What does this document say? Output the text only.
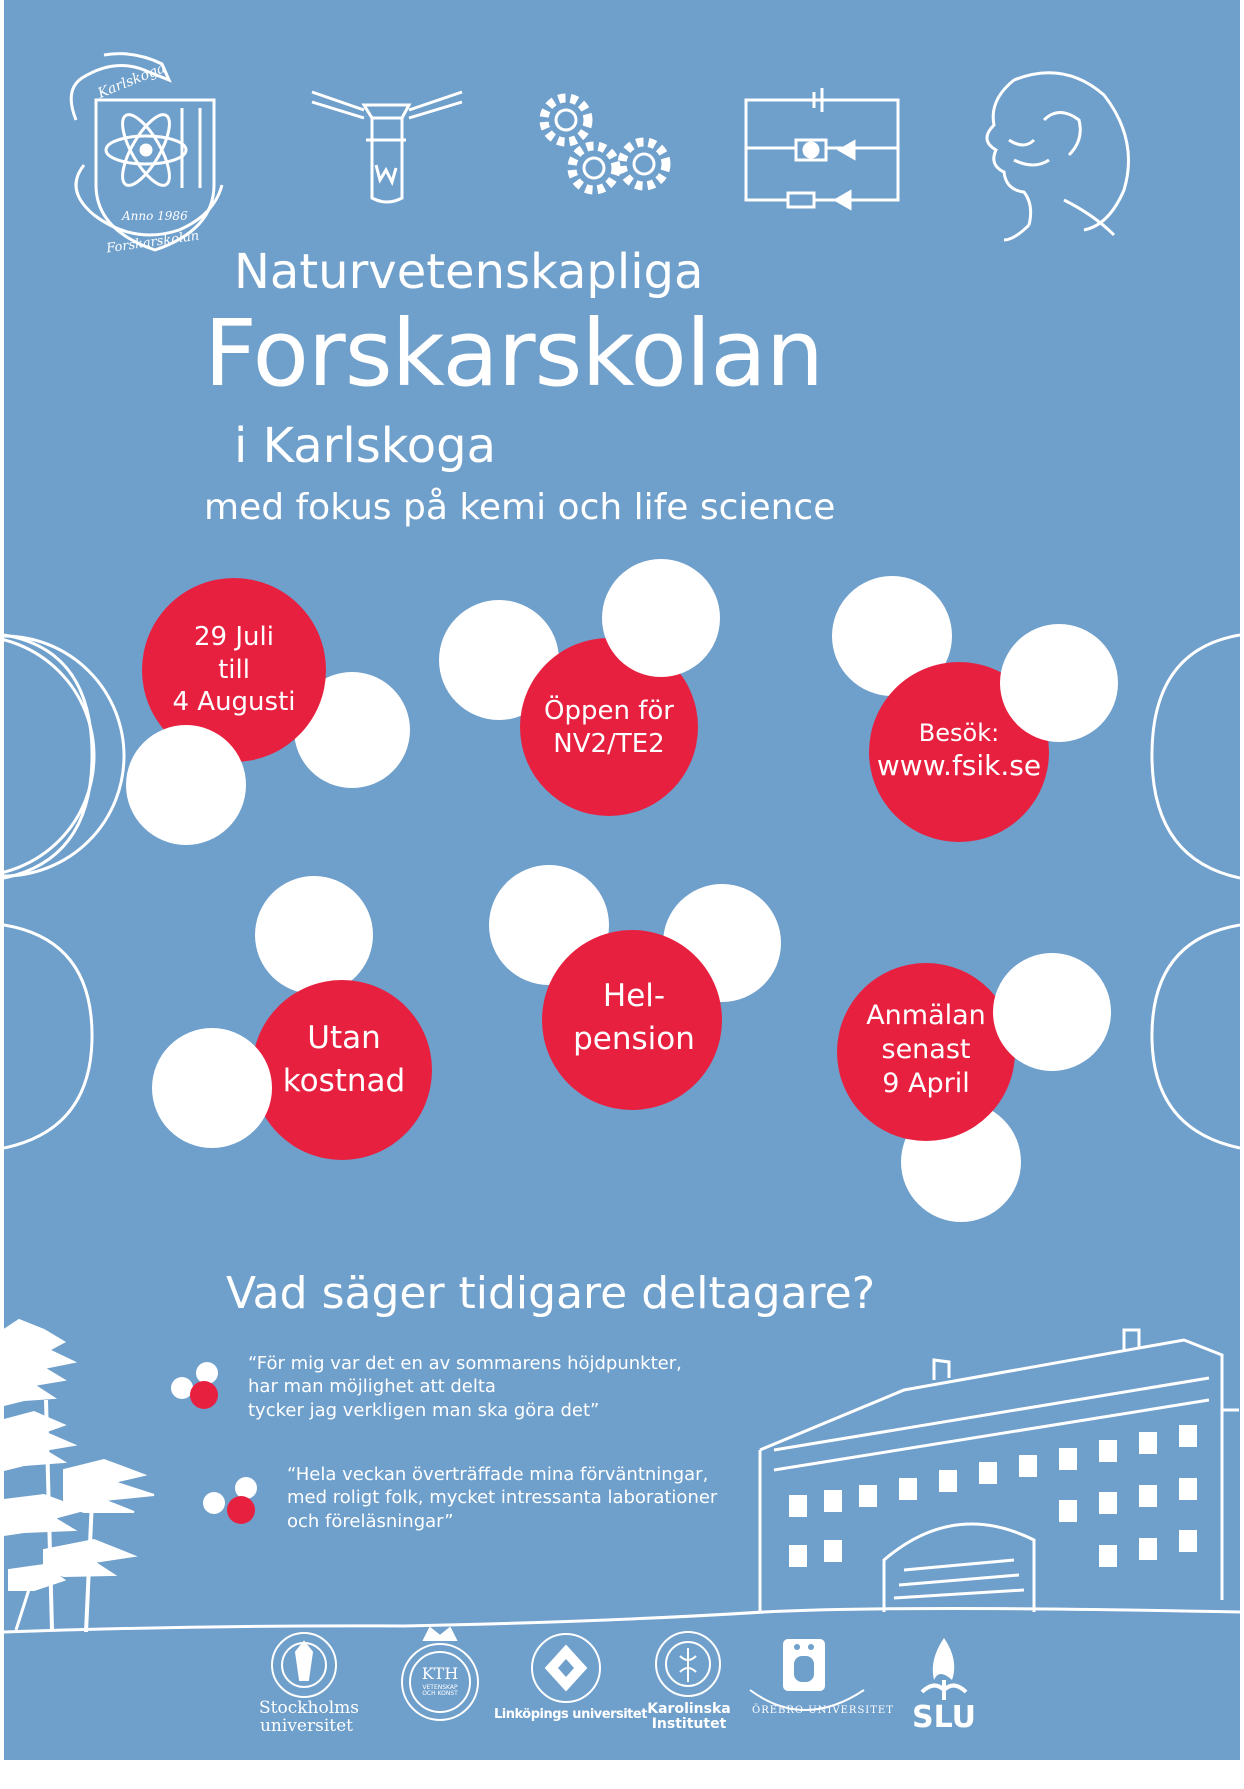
Karlskoga
Anno 1986
Forskarskolan
Naturvetenskapliga
Forskarskolan
i Karlskoga
med fokus på kemi och life science
29 Juli
till
4 Augusti	Öppen för
NV2/TE2	Besök:
www.fsik.se
Utan
kostnad
Hel-
pension
Anmälan
senast
9 April
Vad säger tidigare deltagare?
“För mig var det en av sommarens höjdpunkter,
har man möjlighet att delta
tycker jag verkligen man ska göra det”
“Hela veckan överträffade mina förväntningar,
med roligt folk, mycket intressanta laborationer
och föreläsningar”
Stockholms
universitet
KTH
VETENSKAP
OCH KONST
Linköpings universitet Karolinska
Institutet
ÖREBRO UNIVERSITET SLU
